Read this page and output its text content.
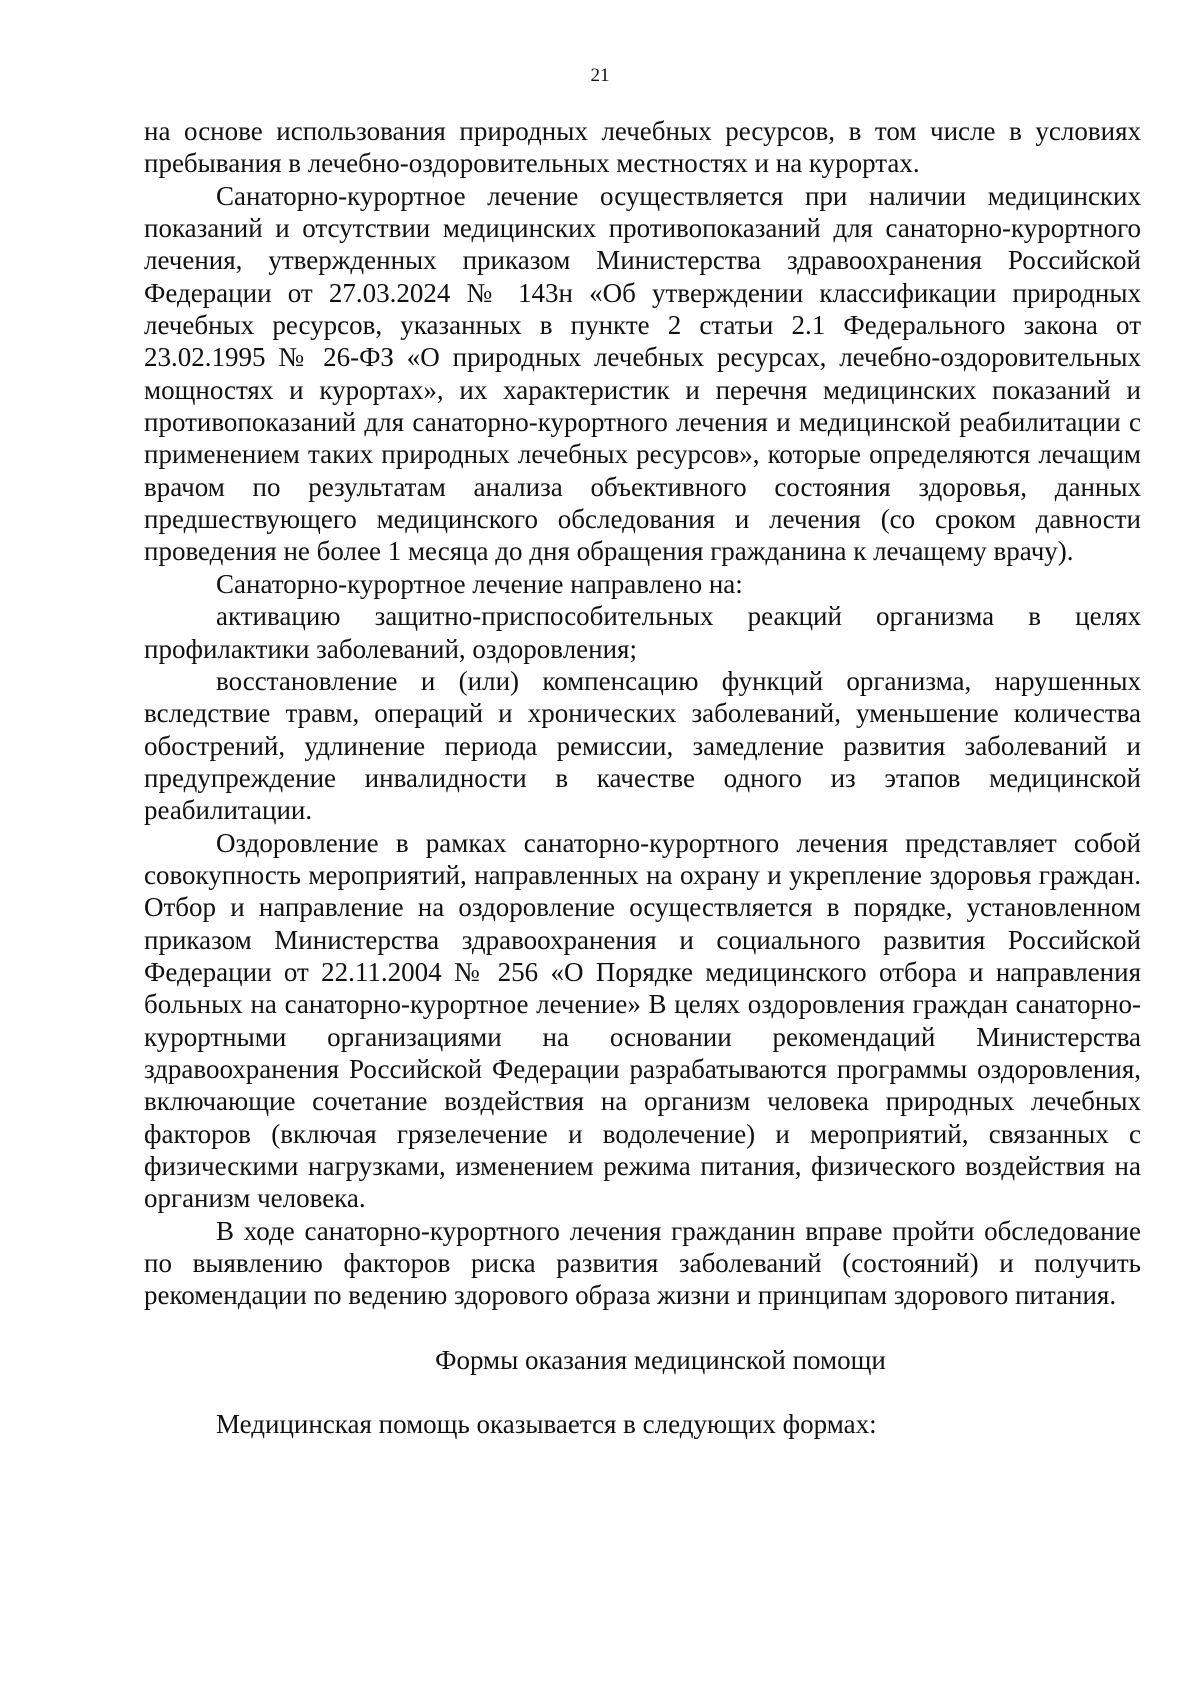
21

на основе использования природных лечебных ресурсов, в том числе в условиях пребывания в лечебно-оздоровительных местностях и на курортах.

Санаторно-курортное лечение осуществляется при наличии медицинских показаний и отсутствии медицинских противопоказаний для санаторно-курортного лечения, утвержденных приказом Министерства здравоохранения Российской Федерации от 27.03.2024 № 143н «Об утверждении классификации природных лечебных ресурсов, указанных в пункте 2 статьи 2.1 Федерального закона от 23.02.1995 № 26-ФЗ «О природных лечебных ресурсах, лечебно-оздоровительных мощностях и курортах», их характеристик и перечня медицинских показаний и противопоказаний для санаторно-курортного лечения и медицинской реабилитации с применением таких природных лечебных ресурсов», которые определяются лечащим врачом по результатам анализа объективного состояния здоровья, данных предшествующего медицинского обследования и лечения (со сроком давности проведения не более 1 месяца до дня обращения гражданина к лечащему врачу).

Санаторно-курортное лечение направлено на:

активацию защитно-приспособительных реакций организма в целях профилактики заболеваний, оздоровления;

восстановление и (или) компенсацию функций организма, нарушенных вследствие травм, операций и хронических заболеваний, уменьшение количества обострений, удлинение периода ремиссии, замедление развития заболеваний и предупреждение инвалидности в качестве одного из этапов медицинской реабилитации.

Оздоровление в рамках санаторно-курортного лечения представляет собой совокупность мероприятий, направленных на охрану и укрепление здоровья граждан. Отбор и направление на оздоровление осуществляется в порядке, установленном приказом Министерства здравоохранения и социального развития Российской Федерации от 22.11.2004 № 256 «О Порядке медицинского отбора и направления больных на санаторно-курортное лечение» В целях оздоровления граждан санаторно-курортными организациями на основании рекомендаций Министерства здравоохранения Российской Федерации разрабатываются программы оздоровления, включающие сочетание воздействия на организм человека природных лечебных факторов (включая грязелечение и водолечение) и мероприятий, связанных с физическими нагрузками, изменением режима питания, физического воздействия на организм человека.

В ходе санаторно-курортного лечения гражданин вправе пройти обследование по выявлению факторов риска развития заболеваний (состояний) и получить рекомендации по ведению здорового образа жизни и принципам здорового питания.

Формы оказания медицинской помощи

Медицинская помощь оказывается в следующих формах:
